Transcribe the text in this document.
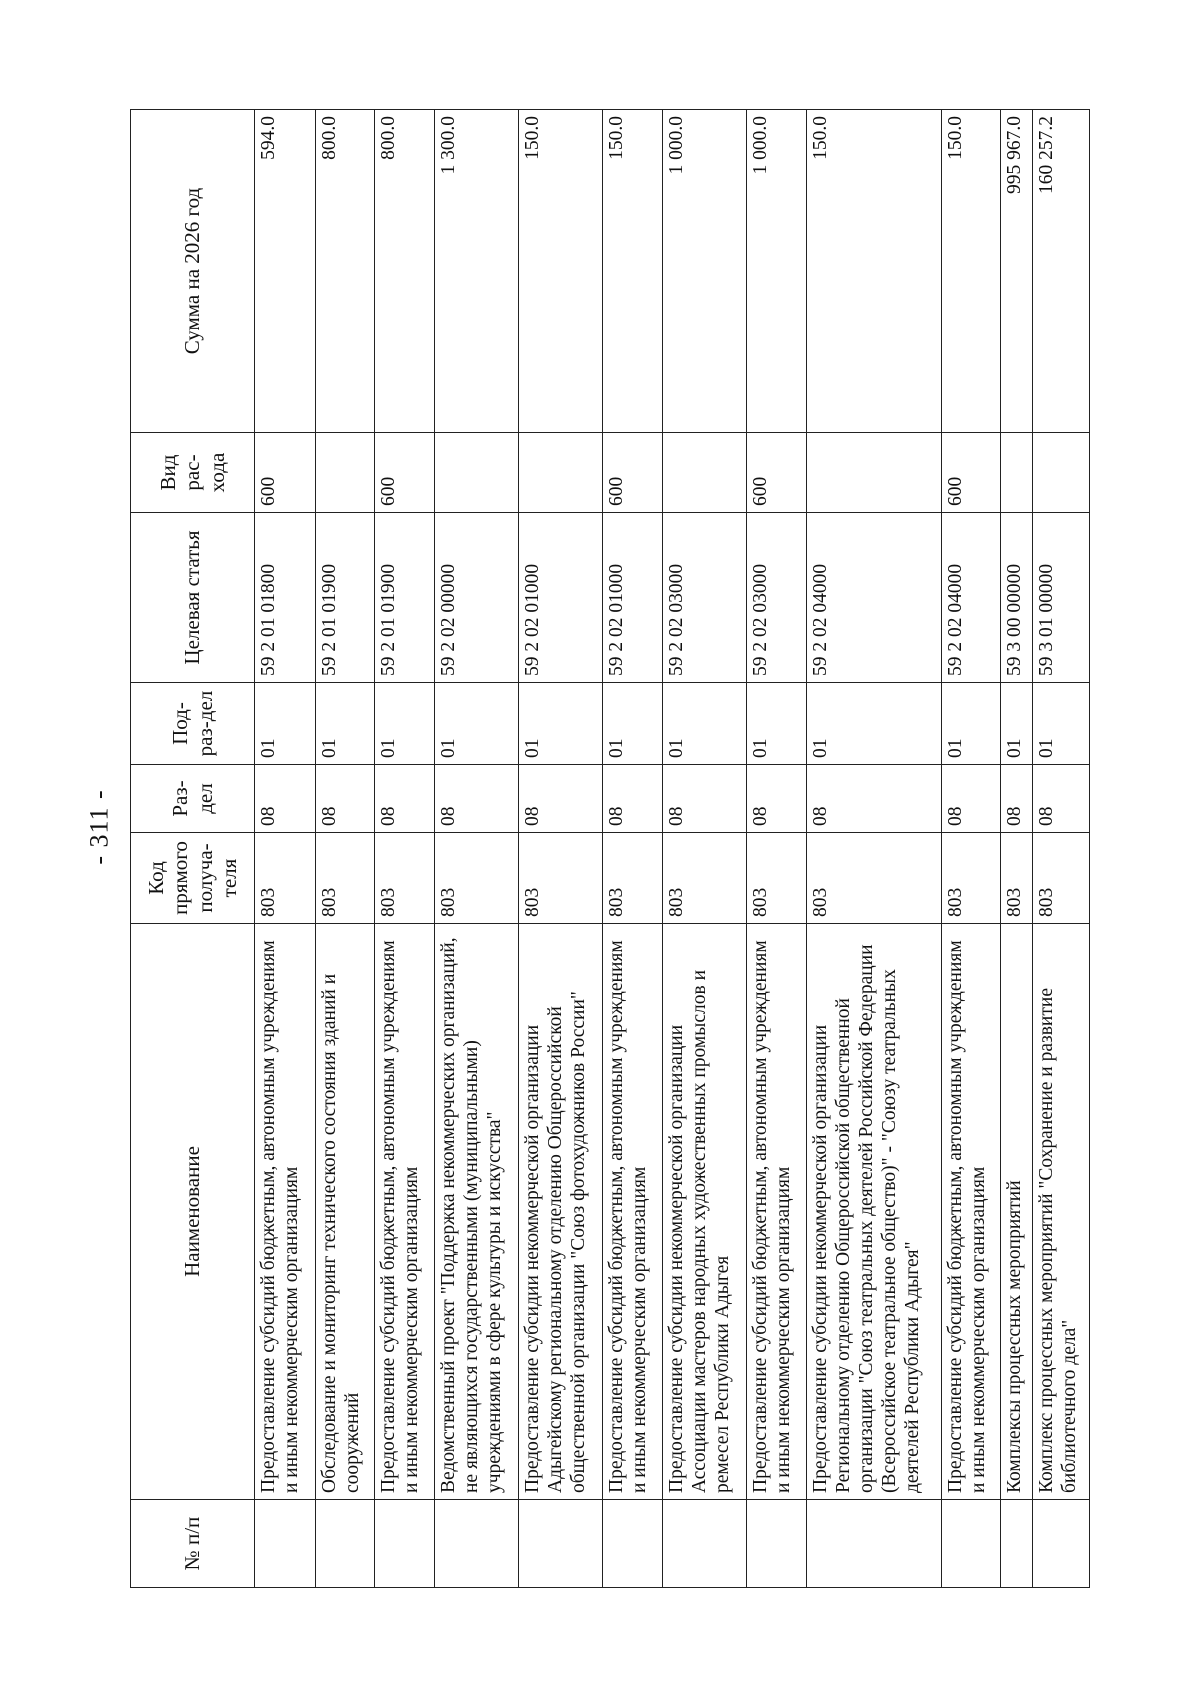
- 311 -
№ п/п	Наименование	Код прямого получа-теля	Раз-дел	Под-раз-дел	Целевая статья	Вид рас-хода	Сумма на 2026 год
	Предоставление субсидий бюджетным, автономным учреждениям и иным некоммерческим организациям	803	08	01	59 2 01 01800	600	594.0
	Обследование и мониторинг технического состояния зданий и сооружений	803	08	01	59 2 01 01900		800.0
	Предоставление субсидий бюджетным, автономным учреждениям и иным некоммерческим организациям	803	08	01	59 2 01 01900	600	800.0
	Ведомственный проект "Поддержка некоммерческих организаций, не являющихся государственными (муниципальными) учреждениями в сфере культуры и искусства"	803	08	01	59 2 02 00000		1 300.0
	Предоставление субсидии некоммерческой организации Адыгейскому региональному отделению Общероссийской общественной организации "Союз фотохудожников России"	803	08	01	59 2 02 01000		150.0
	Предоставление субсидий бюджетным, автономным учреждениям и иным некоммерческим организациям	803	08	01	59 2 02 01000	600	150.0
	Предоставление субсидии некоммерческой организации Ассоциации мастеров народных художественных промыслов и ремесел Республики Адыгея	803	08	01	59 2 02 03000		1 000.0
	Предоставление субсидий бюджетным, автономным учреждениям и иным некоммерческим организациям	803	08	01	59 2 02 03000	600	1 000.0
	Предоставление субсидии некоммерческой организации Региональному отделению Общероссийской общественной организации "Союз театральных деятелей Российской Федерации (Всероссийское театральное общество)" - "Союзу театральных деятелей Республики Адыгея"	803	08	01	59 2 02 04000		150.0
	Предоставление субсидий бюджетным, автономным учреждениям и иным некоммерческим организациям	803	08	01	59 2 02 04000	600	150.0
	Комплексы процессных мероприятий	803	08	01	59 3 00 00000		995 967.0
	Комплекс процессных мероприятий "Сохранение и развитие библиотечного дела"	803	08	01	59 3 01 00000		160 257.2
